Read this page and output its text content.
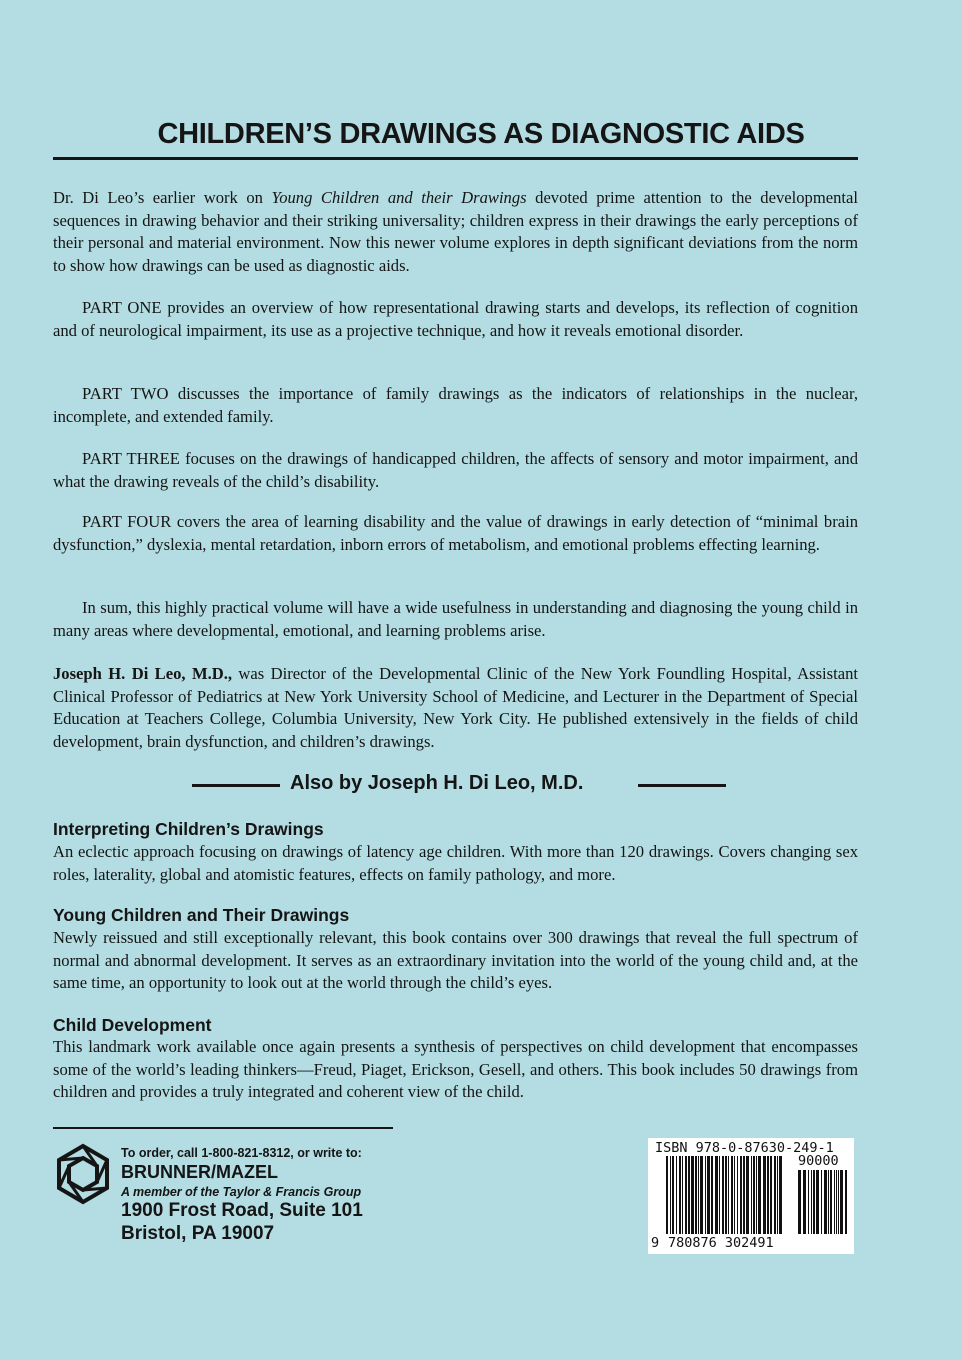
CHILDREN’S DRAWINGS AS DIAGNOSTIC AIDS

Dr. Di Leo’s earlier work on Young Children and their Drawings devoted prime attention to the developmental sequences in drawing behavior and their striking universality; children express in their drawings the early perceptions of their personal and material environment. Now this newer volume explores in depth significant deviations from the norm to show how drawings can be used as diagnostic aids.

PART ONE provides an overview of how representational drawing starts and develops, its reflection of cognition and of neurological impairment, its use as a projective technique, and how it reveals emotional disorder.

PART TWO discusses the importance of family drawings as the indicators of relationships in the nuclear, incomplete, and extended family.

PART THREE focuses on the drawings of handicapped children, the affects of sensory and motor impairment, and what the drawing reveals of the child’s disability.

PART FOUR covers the area of learning disability and the value of drawings in early detection of “minimal brain dysfunction,” dyslexia, mental retardation, inborn errors of metabolism, and emotional problems effecting learning.

In sum, this highly practical volume will have a wide usefulness in understanding and diagnosing the young child in many areas where developmental, emotional, and learning problems arise.

Joseph H. Di Leo, M.D., was Director of the Developmental Clinic of the New York Foundling Hospital, Assistant Clinical Professor of Pediatrics at New York University School of Medicine, and Lecturer in the Department of Special Education at Teachers College, Columbia University, New York City. He published extensively in the fields of child development, brain dysfunction, and children’s drawings.

Also by Joseph H. Di Leo, M.D.
Interpreting Children’s Drawings

An eclectic approach focusing on drawings of latency age children. With more than 120 drawings. Covers changing sex roles, laterality, global and atomistic features, effects on family pathology, and more.

Young Children and Their Drawings

Newly reissued and still exceptionally relevant, this book contains over 300 drawings that reveal the full spectrum of normal and abnormal development. It serves as an extraordinary invitation into the world of the young child and, at the same time, an opportunity to look out at the world through the child’s eyes.

Child Development

This landmark work available once again presents a synthesis of perspectives on child development that encompasses some of the world’s leading thinkers—Freud, Piaget, Erickson, Gesell, and others. This book includes 50 drawings from children and provides a truly integrated and coherent view of the child.

To order, call 1-800-821-8312, or write to:

BRUNNER/MAZEL

A member of the Taylor & Francis Group

1900 Frost Road, Suite 101

Bristol, PA 19007

ISBN 978-0-87630-249-1

90000

9 780876 302491
